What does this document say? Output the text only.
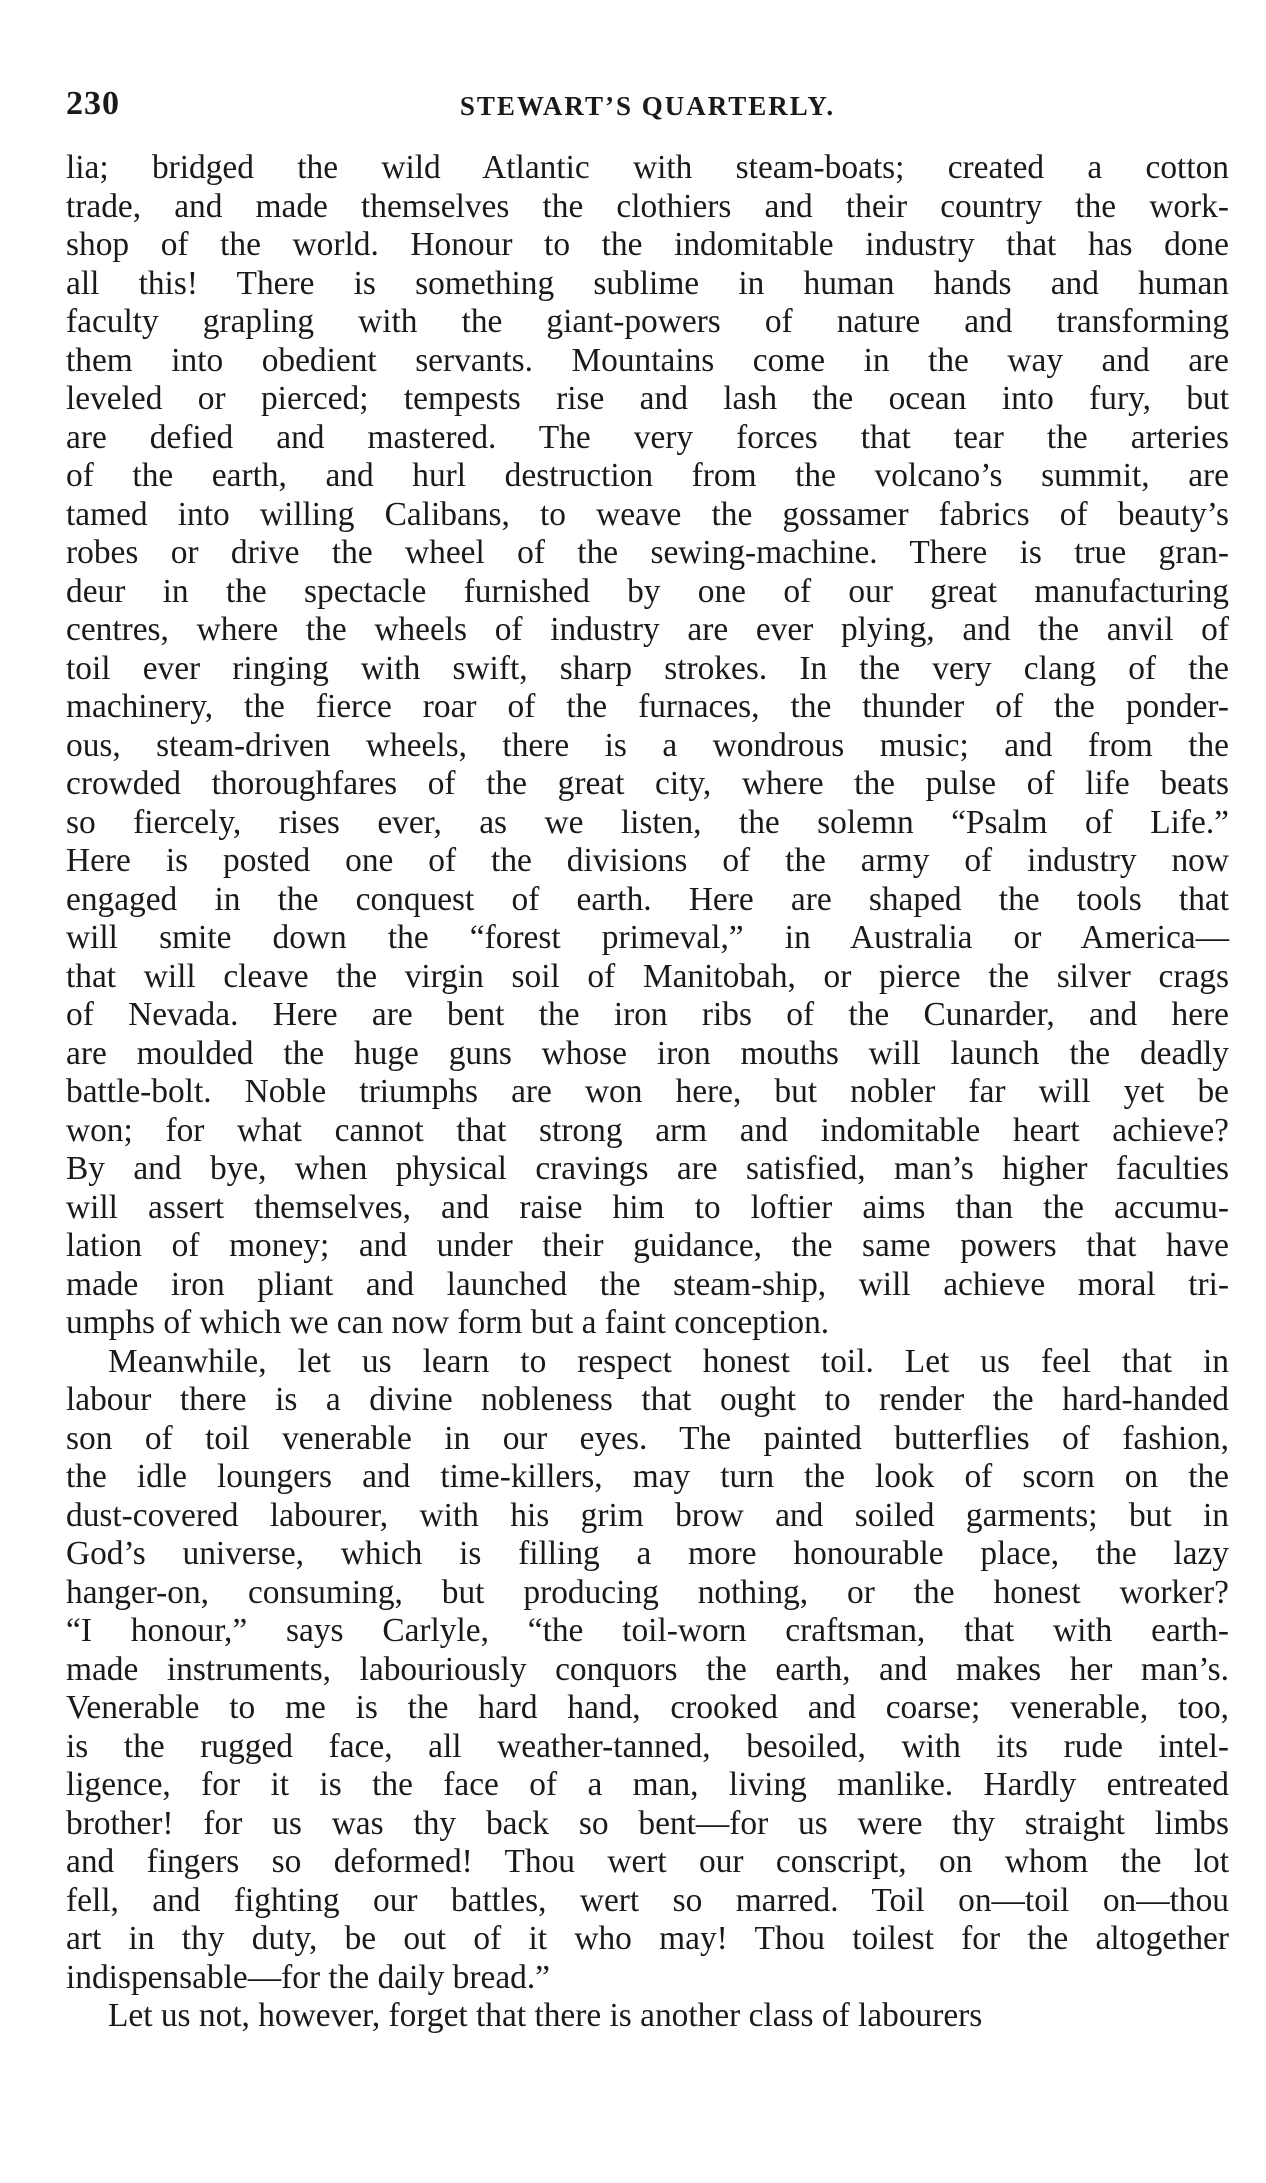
230	STEWART’S QUARTERLY.
lia; bridged the wild Atlantic with steam-boats; created a cotton
trade, and made themselves the clothiers and their country the work-
shop of the world. Honour to the indomitable industry that has done
all this! There is something sublime in human hands and human
faculty grapling with the giant-powers of nature and transforming
them into obedient servants. Mountains come in the way and are
leveled or pierced; tempests rise and lash the ocean into fury, but
are defied and mastered. The very forces that tear the arteries
of the earth, and hurl destruction from the volcano’s summit, are
tamed into willing Calibans, to weave the gossamer fabrics of beauty’s
robes or drive the wheel of the sewing-machine. There is true gran-
deur in the spectacle furnished by one of our great manufacturing
centres, where the wheels of industry are ever plying, and the anvil of
toil ever ringing with swift, sharp strokes. In the very clang of the
machinery, the fierce roar of the furnaces, the thunder of the ponder-
ous, steam-driven wheels, there is a wondrous music; and from the
crowded thoroughfares of the great city, where the pulse of life beats
so fiercely, rises ever, as we listen, the solemn “Psalm of Life.”
Here is posted one of the divisions of the army of industry now
engaged in the conquest of earth. Here are shaped the tools that
will smite down the “forest primeval,” in Australia or America—
that will cleave the virgin soil of Manitobah, or pierce the silver crags
of Nevada. Here are bent the iron ribs of the Cunarder, and here
are moulded the huge guns whose iron mouths will launch the deadly
battle-bolt. Noble triumphs are won here, but nobler far will yet be
won; for what cannot that strong arm and indomitable heart achieve?
By and bye, when physical cravings are satisfied, man’s higher faculties
will assert themselves, and raise him to loftier aims than the accumu-
lation of money; and under their guidance, the same powers that have
made iron pliant and launched the steam-ship, will achieve moral tri-
umphs of which we can now form but a faint conception.
Meanwhile, let us learn to respect honest toil. Let us feel that in
labour there is a divine nobleness that ought to render the hard-handed
son of toil venerable in our eyes. The painted butterflies of fashion,
the idle loungers and time-killers, may turn the look of scorn on the
dust-covered labourer, with his grim brow and soiled garments; but in
God’s universe, which is filling a more honourable place, the lazy
hanger-on, consuming, but producing nothing, or the honest worker?
“I honour,” says Carlyle, “the toil-worn craftsman, that with earth-
made instruments, labouriously conquors the earth, and makes her man’s.
Venerable to me is the hard hand, crooked and coarse; venerable, too,
is the rugged face, all weather-tanned, besoiled, with its rude intel-
ligence, for it is the face of a man, living manlike. Hardly entreated
brother! for us was thy back so bent—for us were thy straight limbs
and fingers so deformed! Thou wert our conscript, on whom the lot
fell, and fighting our battles, wert so marred. Toil on—toil on—thou
art in thy duty, be out of it who may! Thou toilest for the altogether
indispensable—for the daily bread.”
Let us not, however, forget that there is another class of labourers
